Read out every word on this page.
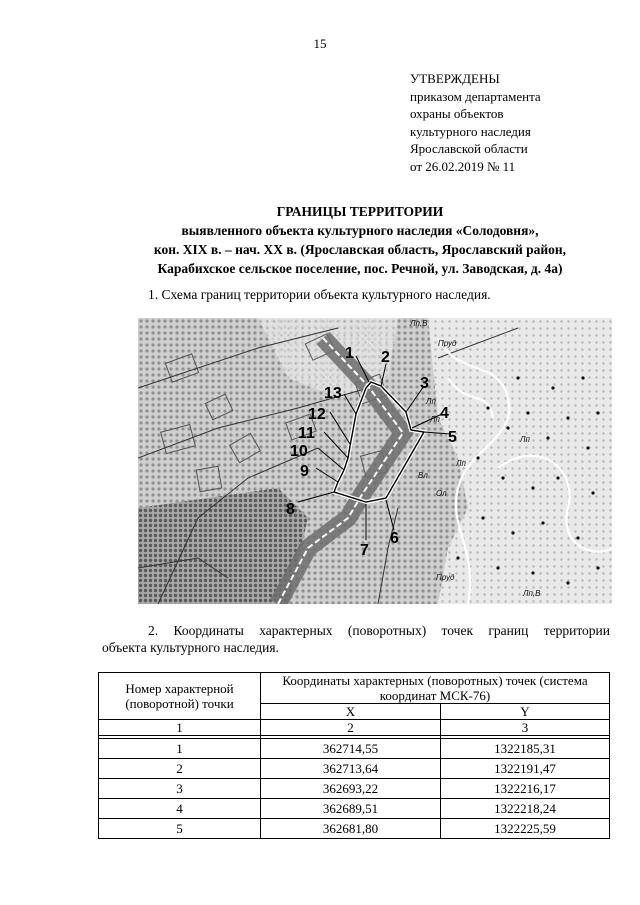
15
УТВЕРЖДЕНЫ
приказом департамента
охраны объектов
культурного наследия
Ярославской области
от 26.02.2019 № 11
ГРАНИЦЫ ТЕРРИТОРИИ
выявленного объекта культурного наследия «Солодовня»,
кон. XIX в. – нач. XX в. (Ярославская область, Ярославский район,
Карабихское сельское поселение, пос. Речной, ул. Заводская, д. 4а)
1. Схема границ территории объекта культурного наследия.
1 2
3
4
5
6
7
8
9
10
11
12
13
Лп,В
Пруд
Лп
Лп
Лп
Ол
Лп
Пруд
Лп,В
Вл
2. Координаты характерных (поворотных) точек границ территории
объекта культурного наследия.
Номер характерной (поворотной) точки	Координаты характерных (поворотных) точек (система координат МСК-76)	
	X	Y
1	2	3

1	362714,55	1322185,31
2	362713,64	1322191,47
3	362693,22	1322216,17
4	362689,51	1322218,24
5	362681,80	1322225,59
